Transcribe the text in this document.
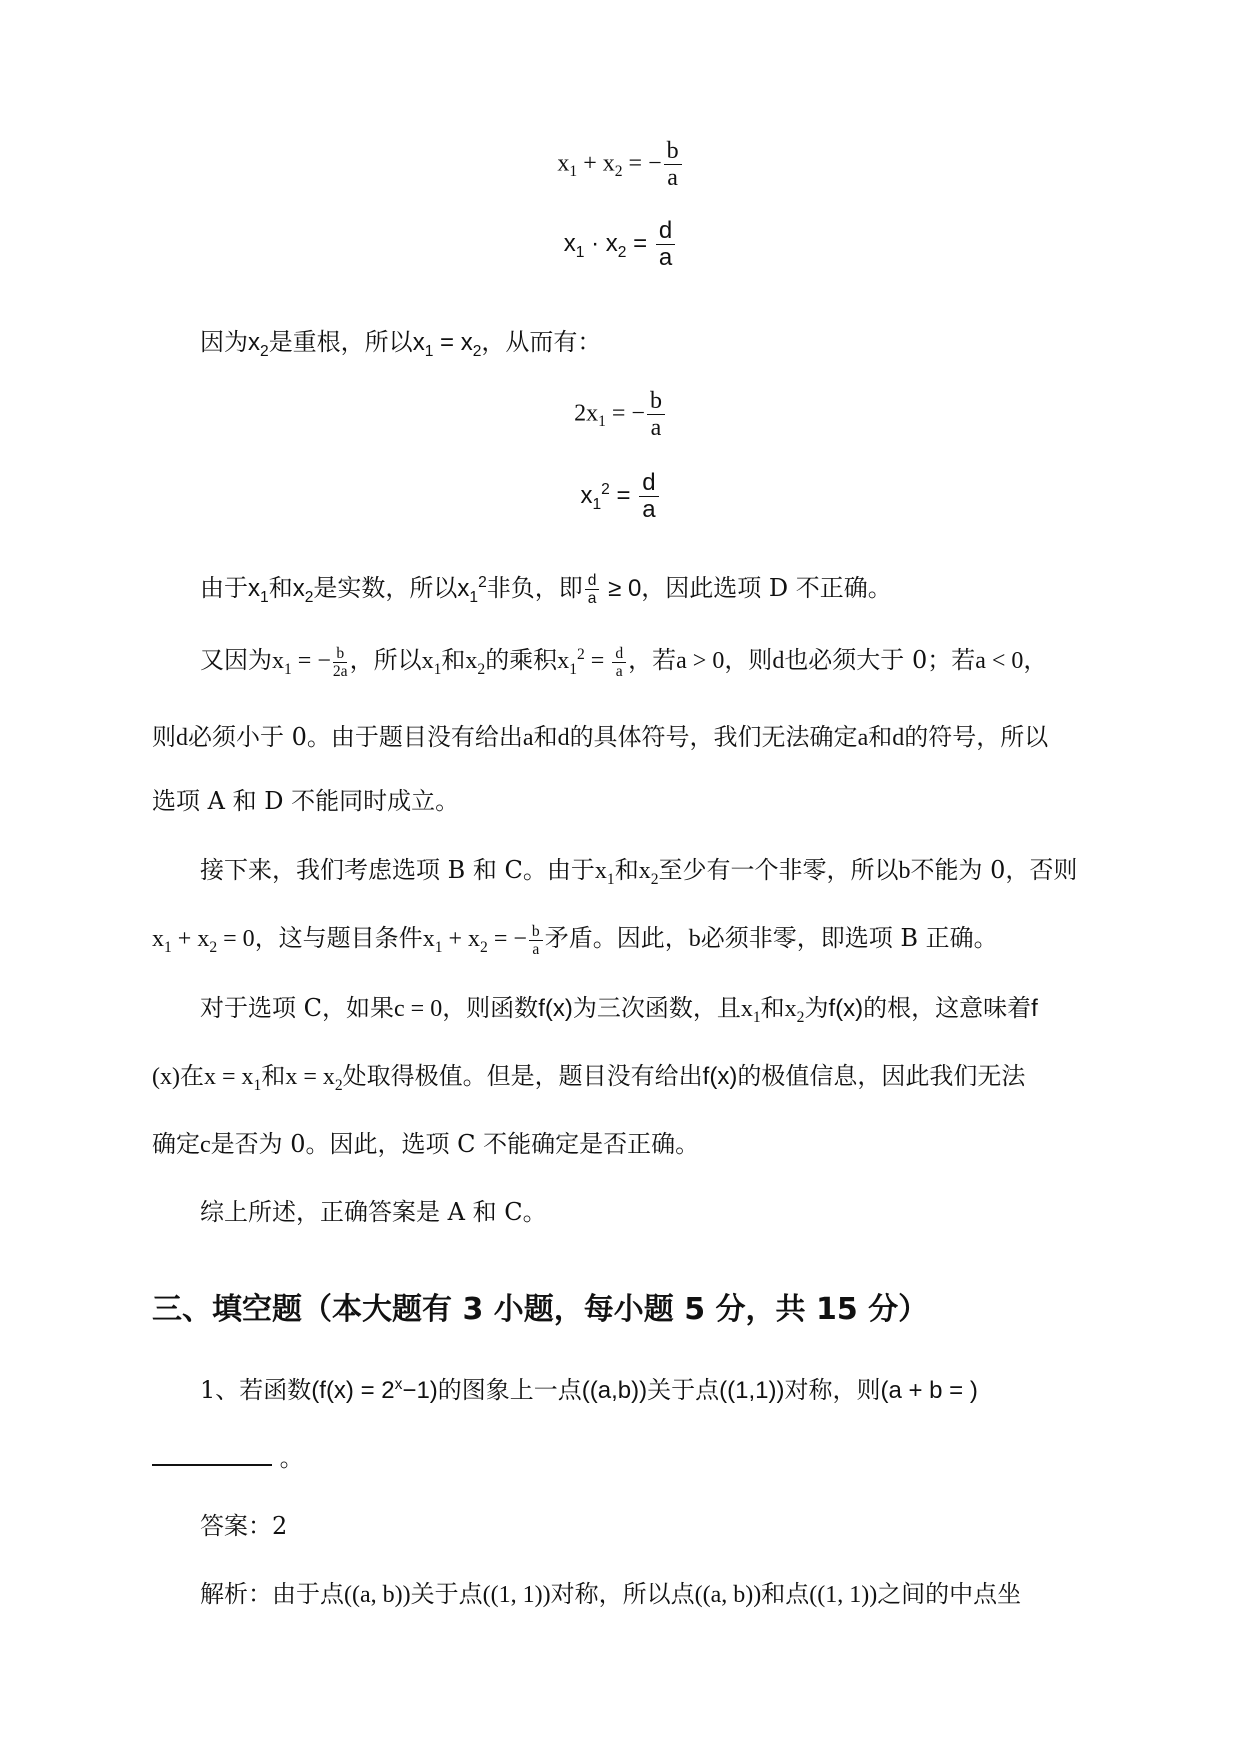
$x_1 + x_2$ = − $\frac{b}{a}$
$x_1 \cdot x_2 = \frac{d}{a}$
因为$x_2$是重根，所以$x_1 = x_2$，从而有：
$2x_1$ = − $\frac{b}{a}$
$x_1^2 = \frac{d}{a}$
由于$x_1$和$x_2$是实数，所以$x_1^2$非负，即 $\frac{d}{a} \ge 0$，因此选项 D 不正确。
又因为$x_1$ = − $\frac{b}{2a}$ ，所以$x_1$和$x_2$的乘积$x_1^2 = \frac{d}{a}$ ，若a > 0，则d也必须大于 0；若a < 0，
则d必须小于 0。由于题目没有给出a和d的具体符号，我们无法确定a和d的符号，所以
选项 A 和 D 不能同时成立。
接下来，我们考虑选项 B 和 C。由于$x_1$和$x_2$至少有一个非零，所以b不能为 0，否则
$x_1 + x_2 = 0$，这与题目条件$x_1 + x_2$ = − $\frac{b}{a}$ 矛盾。因此，b必须非零，即选项 B 正确。
对于选项 C，如果c = 0，则函数f(x)为三次函数，且$x_1$和$x_2$为f(x)的根，这意味着f
(x)在$x = x_1$和$x = x_2$处取得极值。但是，题目没有给出f(x)的极值信息，因此我们无法
确定c是否为 0。因此，选项 C 不能确定是否正确。
综上所述，正确答案是 A 和 C。
三、填空题（本大题有 3 小题，每小题 5 分，共 15 分）
1、若函数$(f(x) = 2^x-1)$的图象上一点((a,b))关于点((1,1))对称，则(a + b = )
。
答案：2
解析：由于点((a, b))关于点((1, 1))对称，所以点((a, b))和点((1, 1))之间的中点坐
